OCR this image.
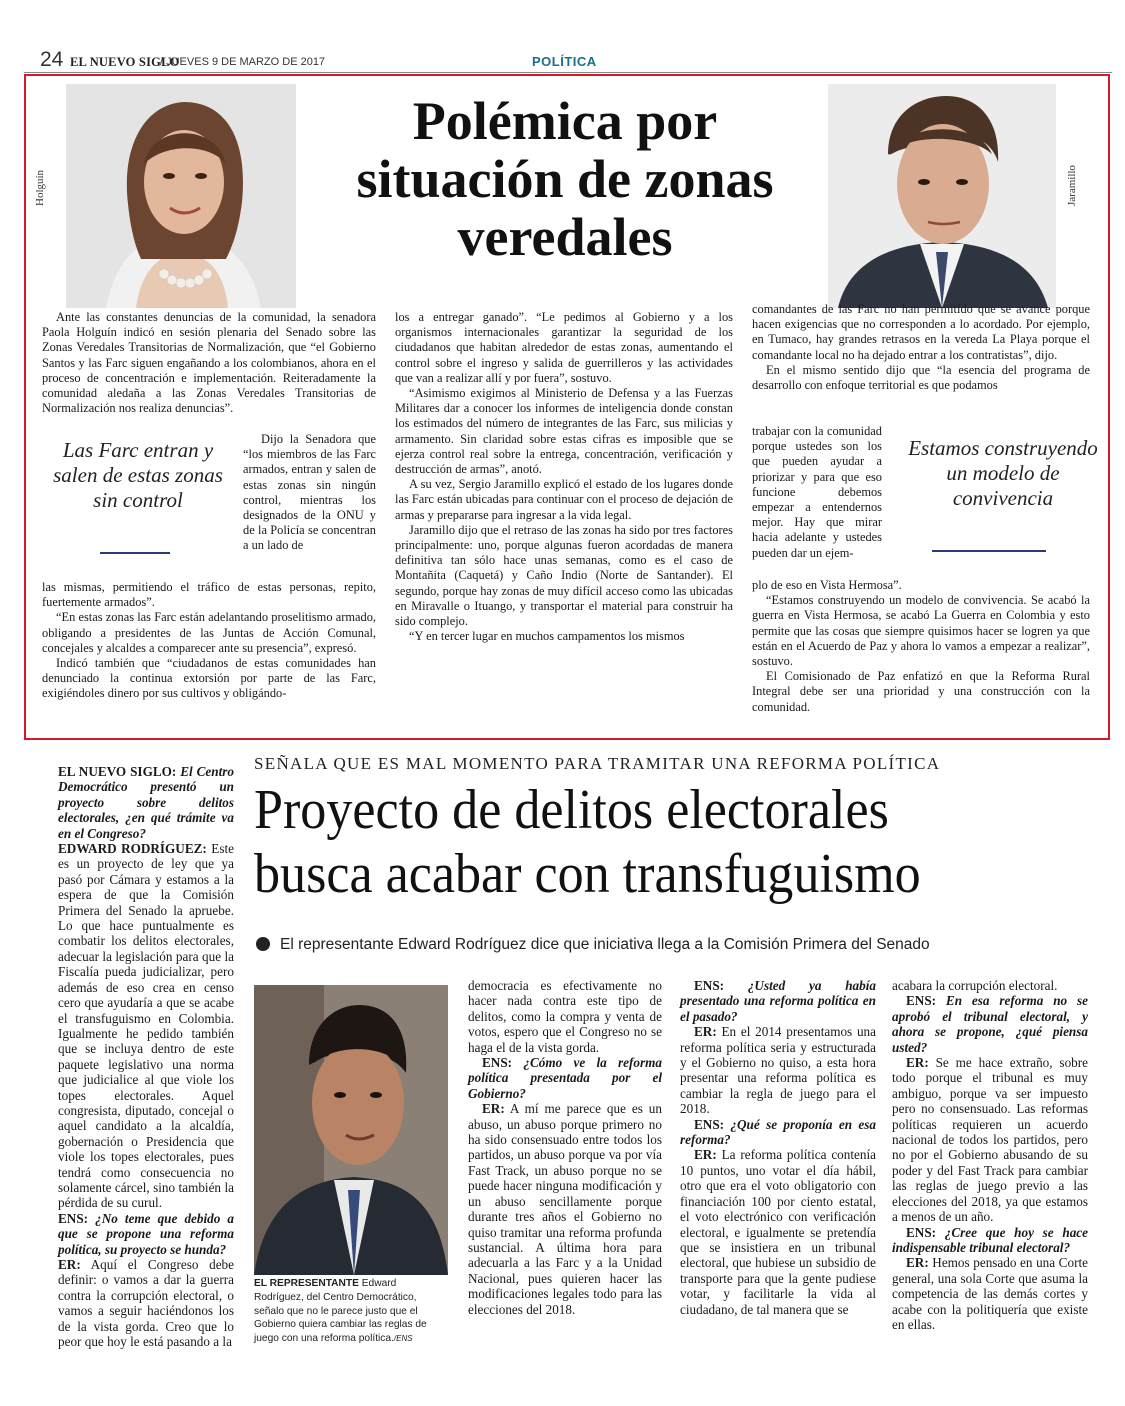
24 EL NUEVO SIGLO
/ JUEVES 9 DE MARZO DE 2017	POLÍTICA
Holguín	Jaramillo
Polémica por
situación de zonas
veredales

Ante las constantes denuncias de la comunidad, la senadora Paola Holguín indicó en sesión plenaria del Senado sobre las Zonas Veredales Transitorias de Normalización, que “el Gobierno Santos y las Farc siguen engañando a los colombianos, ahora en el proceso de concentración e implementación. Reiteradamente la comunidad aledaña a las Zonas Veredales Transitorias de Normalización nos realiza denuncias”.

Dijo la Senadora que “los miembros de las Farc armados, entran y salen de estas zonas sin ningún control, mientras los designados de la ONU y de la Policía se concentran a un lado de

Las Farc entran y salen de estas zonas sin control

las mismas, permitiendo el tráfico de estas personas, repito, fuertemente armados”.

“En estas zonas las Farc están adelantando proselitismo armado, obligando a presidentes de las Juntas de Acción Comunal, concejales y alcaldes a comparecer ante su presencia”, expresó.

Indicó también que “ciudadanos de estas comunidades han denunciado la continua extorsión por parte de las Farc, exigiéndoles dinero por sus cultivos y obligándo-

los a entregar ganado”. “Le pedimos al Gobierno y a los organismos internacionales garantizar la seguridad de los ciudadanos que habitan alrededor de estas zonas, aumentando el control sobre el ingreso y salida de guerrilleros y las actividades que van a realizar allí y por fuera”, sostuvo.

“Asimismo exigimos al Ministerio de Defensa y a las Fuerzas Militares dar a conocer los informes de inteligencia donde constan los estimados del número de integrantes de las Farc, sus milicias y armamento. Sin claridad sobre estas cifras es imposible que se ejerza control real sobre la entrega, concentración, verificación y destrucción de armas”, anotó.

A su vez, Sergio Jaramillo explicó el estado de los lugares donde las Farc están ubicadas para continuar con el proceso de dejación de armas y prepararse para ingresar a la vida legal.

Jaramillo dijo que el retraso de las zonas ha sido por tres factores principalmente: uno, porque algunas fueron acordadas de manera definitiva tan sólo hace unas semanas, como es el caso de Montañita (Caquetá) y Caño Indio (Norte de Santander). El segundo, porque hay zonas de muy difícil acceso como las ubicadas en Miravalle o Ituango, y transportar el material para construir ha sido complejo.

“Y en tercer lugar en muchos campamentos los mismos

comandantes de las Farc no han permitido que se avance porque hacen exigencias que no corresponden a lo acordado. Por ejemplo, en Tumaco, hay grandes retrasos en la vereda La Playa porque el comandante local no ha dejado entrar a los contratistas”, dijo.

En el mismo sentido dijo que “la esencia del programa de desarrollo con enfoque territorial es que podamos

trabajar con la comunidad porque ustedes son los que pueden ayudar a priorizar y para que eso funcione debemos empezar a entendernos mejor. Hay que mirar hacia adelante y ustedes pueden dar un ejem-

Estamos construyendo un modelo de convivencia

plo de eso en Vista Hermosa”.

“Estamos construyendo un modelo de convivencia. Se acabó la guerra en Vista Hermosa, se acabó La Guerra en Colombia y esto permite que las cosas que siempre quisimos hacer se logren ya que están en el Acuerdo de Paz y ahora lo vamos a empezar a realizar”, sostuvo.

El Comisionado de Paz enfatizó en que la Reforma Rural Integral debe ser una prioridad y una construcción con la comunidad.

SEÑALA QUE ES MAL MOMENTO PARA TRAMITAR UNA REFORMA POLÍTICA
Proyecto de delitos electorales
busca acabar con transfuguismo
El representante Edward Rodríguez dice que iniciativa llega a la Comisión Primera del Senado

EL NUEVO SIGLO: El Centro Democrático presentó un proyecto sobre delitos electorales, ¿en qué trámite va en el Congreso?

EDWARD RODRÍGUEZ: Este es un proyecto de ley que ya pasó por Cámara y estamos a la espera de que la Comisión Primera del Senado la apruebe. Lo que hace puntualmente es combatir los delitos electorales, adecuar la legislación para que la Fiscalía pueda judicializar, pero además de eso crea en censo cero que ayudaría a que se acabe el transfuguismo en Colombia. Igualmente he pedido también que se incluya dentro de este paquete legislativo una norma que judicialice al que viole los topes electorales. Aquel congresista, diputado, concejal o aquel candidato a la alcaldía, gobernación o Presidencia que viole los topes electorales, pues tendrá como consecuencia no solamente cárcel, sino también la pérdida de su curul.

ENS: ¿No teme que debido a que se propone una reforma política, su proyecto se hunda?

ER: Aquí el Congreso debe definir: o vamos a dar la guerra contra la corrupción electoral, o vamos a seguir haciéndonos los de la vista gorda. Creo que lo peor que hoy le está pasando a la

EL REPRESENTANTE Edward Rodríguez, del Centro Democrático, señalo que no le parece justo que el Gobierno quiera cambiar las reglas de juego con una reforma política./ENS

democracia es efectivamente no hacer nada contra este tipo de delitos, como la compra y venta de votos, espero que el Congreso no se haga el de la vista gorda.

ENS: ¿Cómo ve la reforma política presentada por el Gobierno?

ER: A mí me parece que es un abuso, un abuso porque primero no ha sido consensuado entre todos los partidos, un abuso porque va por vía Fast Track, un abuso porque no se puede hacer ninguna modificación y un abuso sencillamente porque durante tres años el Gobierno no quiso tramitar una reforma profunda sustancial. A última hora para adecuarla a las Farc y a la Unidad Nacional, pues quieren hacer las modificaciones legales todo para las elecciones del 2018.

ENS: ¿Usted ya había presentado una reforma política en el pasado?

ER: En el 2014 presentamos una reforma política seria y estructurada y el Gobierno no quiso, a esta hora presentar una reforma política es cambiar la regla de juego para el 2018.

ENS: ¿Qué se proponía en esa reforma?

ER: La reforma política contenía 10 puntos, uno votar el día hábil, otro que era el voto obligatorio con financiación 100 por ciento estatal, el voto electrónico con verificación electoral, e igualmente se pretendía que se insistiera en un tribunal electoral, que hubiese un subsidio de transporte para que la gente pudiese votar, y facilitarle la vida al ciudadano, de tal manera que se

acabara la corrupción electoral.

ENS: En esa reforma no se aprobó el tribunal electoral, y ahora se propone, ¿qué piensa usted?

ER: Se me hace extraño, sobre todo porque el tribunal es muy ambiguo, porque va ser impuesto pero no consensuado. Las reformas políticas requieren un acuerdo nacional de todos los partidos, pero no por el Gobierno abusando de su poder y del Fast Track para cambiar las reglas de juego previo a las elecciones del 2018, ya que estamos a menos de un año.

ENS: ¿Cree que hoy se hace indispensable tribunal electoral?

ER: Hemos pensado en una Corte general, una sola Corte que asuma la competencia de las demás cortes y acabe con la politiquería que existe en ellas.
